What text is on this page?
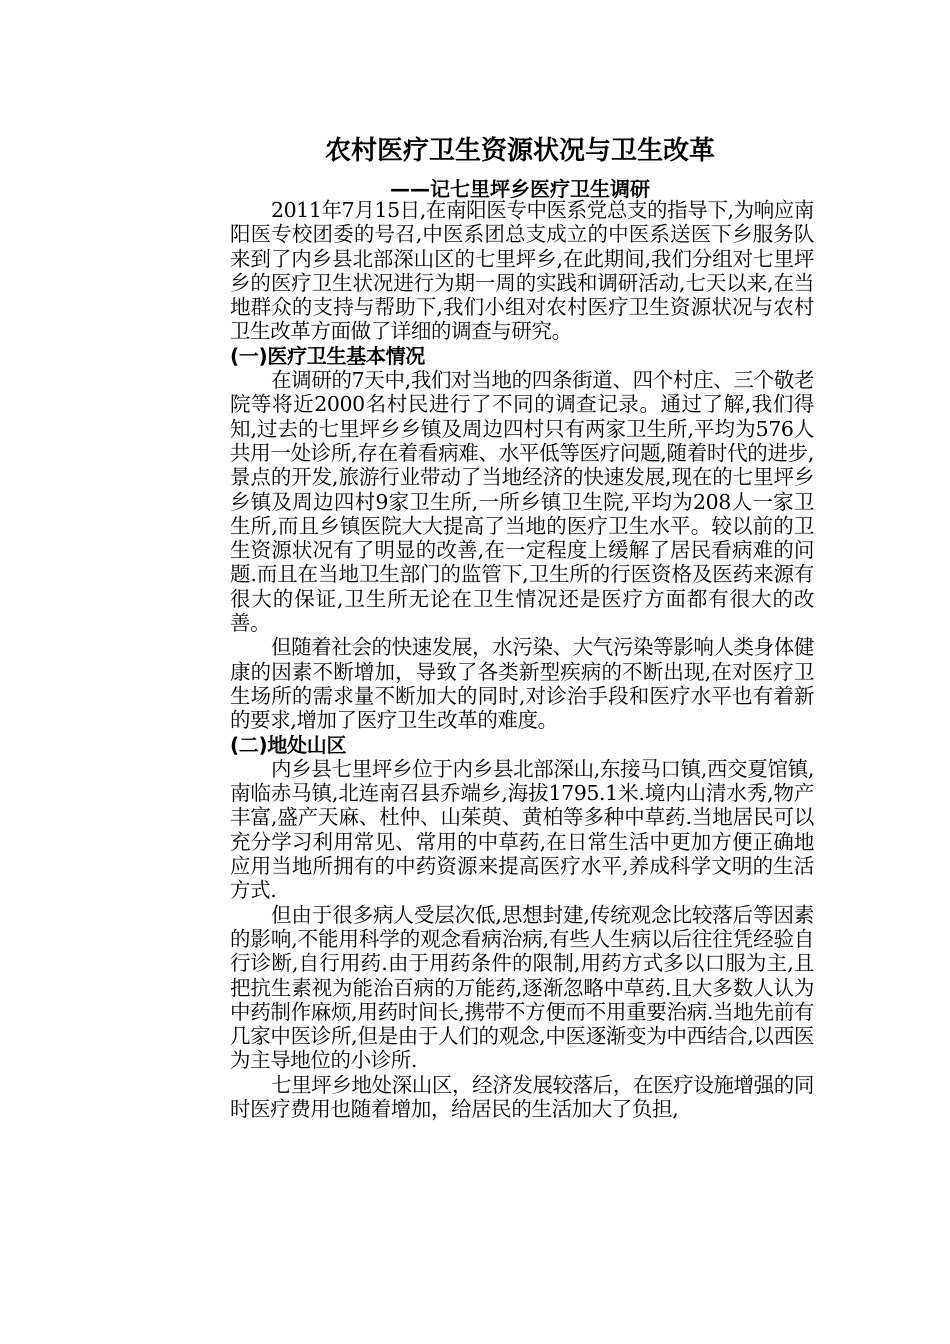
农村医疗卫生资源状况与卫生改革
——记七里坪乡医疗卫生调研

2011年7月15日,在南阳医专中医系党总支的指导下,为响应南阳医专校团委的号召,中医系团总支成立的中医系送医下乡服务队来到了内乡县北部深山区的七里坪乡,在此期间,我们分组对七里坪乡的医疗卫生状况进行为期一周的实践和调研活动,七天以来,在当地群众的支持与帮助下,我们小组对农村医疗卫生资源状况与农村卫生改革方面做了详细的调查与研究。

(一)医疗卫生基本情况

在调研的7天中,我们对当地的四条街道、四个村庄、三个敬老院等将近2000名村民进行了不同的调查记录。通过了解,我们得知,过去的七里坪乡乡镇及周边四村只有两家卫生所,平均为576人共用一处诊所,存在着看病难、水平低等医疗问题,随着时代的进步,景点的开发,旅游行业带动了当地经济的快速发展,现在的七里坪乡乡镇及周边四村9家卫生所,一所乡镇卫生院,平均为208人一家卫生所,而且乡镇医院大大提高了当地的医疗卫生水平。较以前的卫生资源状况有了明显的改善,在一定程度上缓解了居民看病难的问题.而且在当地卫生部门的监管下,卫生所的行医资格及医药来源有很大的保证,卫生所无论在卫生情况还是医疗方面都有很大的改善。

但随着社会的快速发展，水污染、大气污染等影响人类身体健康的因素不断增加，导致了各类新型疾病的不断出现,在对医疗卫生场所的需求量不断加大的同时,对诊治手段和医疗水平也有着新的要求,增加了医疗卫生改革的难度。

(二)地处山区

内乡县七里坪乡位于内乡县北部深山,东接马口镇,西交夏馆镇,南临赤马镇,北连南召县乔端乡,海拔1795.1米.境内山清水秀,物产丰富,盛产天麻、杜仲、山茱萸、黄柏等多种中草药.当地居民可以充分学习利用常见、常用的中草药,在日常生活中更加方便正确地应用当地所拥有的中药资源来提高医疗水平,养成科学文明的生活方式.

但由于很多病人受层次低,思想封建,传统观念比较落后等因素的影响,不能用科学的观念看病治病,有些人生病以后往往凭经验自行诊断,自行用药.由于用药条件的限制,用药方式多以口服为主,且把抗生素视为能治百病的万能药,逐渐忽略中草药.且大多数人认为中药制作麻烦,用药时间长,携带不方便而不用重要治病.当地先前有几家中医诊所,但是由于人们的观念,中医逐渐变为中西结合,以西医为主导地位的小诊所.

七里坪乡地处深山区，经济发展较落后，在医疗设施增强的同时医疗费用也随着增加，给居民的生活加大了负担,
